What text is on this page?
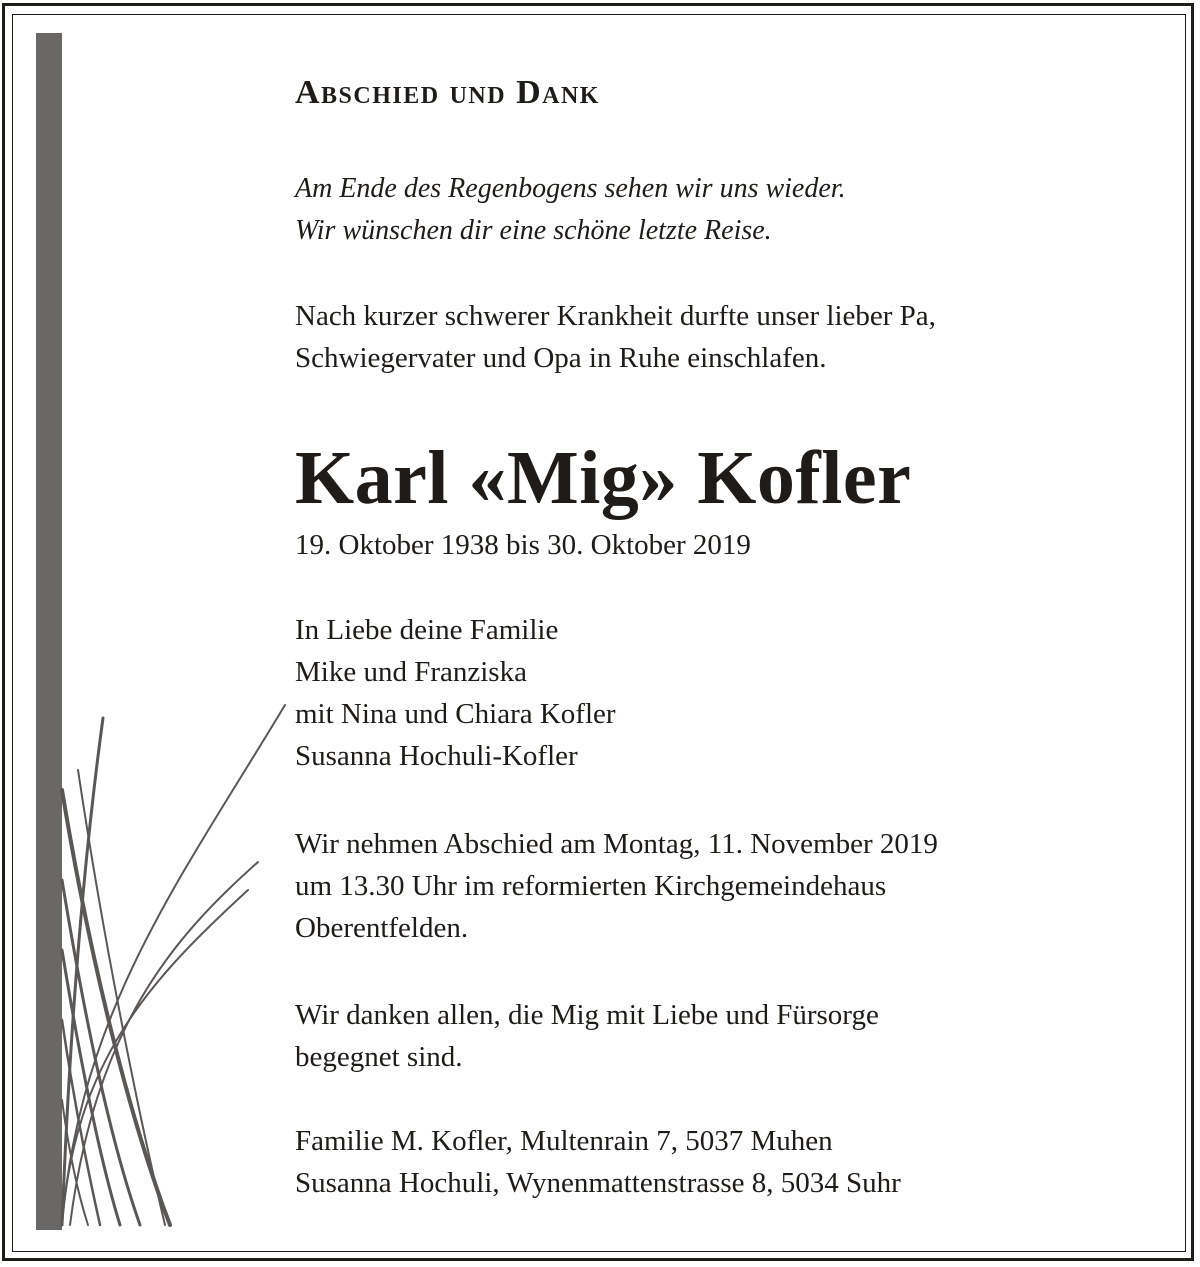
Abschied und Dank

Am Ende des Regenbogens sehen wir uns wieder.
Wir wünschen dir eine schöne letzte Reise.

Nach kurzer schwerer Krankheit durfte unser lieber Pa,
Schwiegervater und Opa in Ruhe einschlafen.

Karl «Mig» Kofler

19. Oktober 1938 bis 30. Oktober 2019

In Liebe deine Familie
Mike und Franziska
mit Nina und Chiara Kofler
Susanna Hochuli-Kofler

Wir nehmen Abschied am Montag, 11. November 2019
um 13.30 Uhr im reformierten Kirchgemeindehaus
Oberentfelden.

Wir danken allen, die Mig mit Liebe und Fürsorge
begegnet sind.

Familie M. Kofler, Multenrain 7, 5037 Muhen
Susanna Hochuli, Wynenmattenstrasse 8, 5034 Suhr
